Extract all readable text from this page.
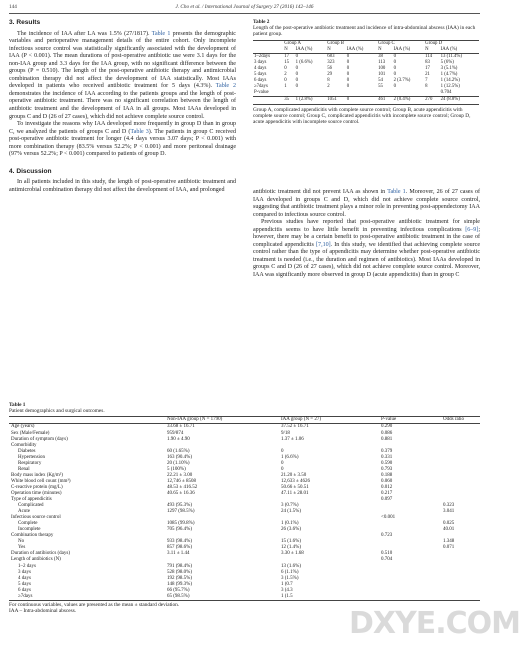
144	J. Cho et al. / International Journal of Surgery 27 (2016) 142–146
3. Results

The incidence of IAA after LA was 1.5% (27/1817). Table 1 presents the demographic variables and perioperative management details of the entire cohort. Only incomplete infectious source control was statistically significantly associated with the development of IAA (P < 0.001). The mean durations of post-operative antibiotic use were 3.1 days for the non-IAA group and 3.3 days for the IAA group, with no significant difference between the groups (P = 0.510). The length of the post-operative antibiotic therapy and antimicrobial combination therapy did not affect the development of IAA statistically. Most IAAs developed in patients who received antibiotic treatment for 5 days (4.3%). Table 2 demonstrates the incidence of IAA according to the patients groups and the length of post-operative antibiotic treatment. There was no significant correlation between the length of antibiotic treatment and the development of IAA in all groups. Most IAAs developed in groups C and D (26 of 27 cases), which did not achieve complete source control.

To investigate the reasons why IAA developed more frequently in group D than in group C, we analyzed the patients of groups C and D (Table 3). The patients in group C received post-operative antibiotic treatment for longer (4.4 days versus 3.07 days; P < 0.001) with more combination therapy (83.5% versus 52.2%; P < 0.001) and more peritoneal drainage (97% versus 52.2%; P < 0.001) compared to patients of group D.

4. Discussion

In all patients included in this study, the length of post-operative antibiotic treatment and antimicrobial combination therapy did not affect the development of IAA, and prolonged

Table 2
Length of the post-operative antibiotic treatment and incidence of intra-abdominal abscess (IAA) in each patient group.
	Group A		Group B		Group C		Group D	
	N	IAA (%)	N	IAA (%)	N	IAA (%)	N	IAA (%)
1–2days	17	0	683	0	38	0	114	13 (11.4%)
3 days	15	1 (6.6%)	323	0	113	0	83	5 (6%)
4 days	0	0	56	0	100	0	17	3 (5.1%)
5 days	2	0	29	0	101	0	21	1 (4.7%)
6 days	0	0	8	0	54	2 (3.7%)	7	1 (14.2%)
≥7days	1	0	2	0	55	0	8	1 (12.5%)
P-value								0.704
	35	1 (2.8%)	1051	0	461	2 (0.4%)	270	24 (8.8%)
Group A, complicated appendicitis with complete source control; Group B, acute appendicitis with complete source control; Group C, complicated appendicitis with incomplete source control; Group D, acute appendicitis with incomplete source control.

antibiotic treatment did not prevent IAA as shown in Table 1. Moreover, 26 of 27 cases of IAA developed in groups C and D, which did not achieve complete source control, suggesting that antibiotic treatment plays a minor role in preventing post-appendectomy IAA compared to infectious source control.

Previous studies have reported that post-operative antibiotic treatment for simple appendicitis seems to have little benefit in preventing infectious complications [6–9]; however, there may be a certain benefit to post-operative antibiotic treatment in the case of complicated appendicitis [7,10]. In this study, we identified that achieving complete source control rather than the type of appendicitis may determine whether post-operative antibiotic treatment is needed (i.e., the duration and regimen of antibiotics). Most IAAs developed in groups C and D (26 of 27 cases), which did not achieve complete source control. Moreover, IAA was significantly more observed in group D (acute appendicitis) than in group C

Table 1
Patient demographics and surgical outcomes.
	Non-IAA group (N = 1790)	IAA group (N = 27)	P-value	Odds ratio
Age (years)	33.68 ± 16.71	37.52 ± 16.71	0.290	
Sex (Male/Female)	959/874	9/18	0.086	
Duration of symptom (days)	1.90 ± 4.90	1.37 ± 1.06	0.881	
Comorbidity				
Diabetes	60 (1.65%)	0	0.379	
Hypertension	163 (90.4%)	1 (6.6%)	0.331	
Respiratory	20 (1.10%)	0	0.590	
Renal	5 (100%)	0	0.793	
Body mass index (Kg/m²)	22.21 ± 3.00	21.20 ± 3.50	0.188	
White blood cell count (mm³)	12,746 ± 8508	12,633 ± 4626	0.060	
C-reactive protein (mg/L)	48.53 ± 416.52	50.66 ± 50.51	0.012	
Operation time (minutes)	40.65 ± 16.36	47.11 ± 28.01	0.217	
Type of appendicitis			0.097	
Complicated	493 (95.3%)	3 (0.7%)		0.323
Acute	1297 (98.5%)	24 (1.5%)		3.041
Infectious source control			<0.001	
Complete	1085 (99.8%)	1 (0.1%)		0.025
Incomplete	705 (96.4%)	26 (3.6%)		40.01
Combination therapy			0.723	
No	933 (98.4%)	15 (1.6%)		1.348
Yes	857 (98.6%)	12 (1.4%)		0.071
Duration of antibiotics (days)	3.11 ± 1.44	3.30 ± 1.68	0.510	
Length of antibiotics (N)			0.704	
1–2 days	791 (98.4%)	13 (1.6%)		
3 days	528 (98.0%)	6 (1.1%)		
4 days	192 (98.5%)	3 (1.5%)		
5 days	148 (99.3%)	1 (0.7		
6 days	66 (95.7%)	3 (4.3		
≥7days	65 (98.5%)	1 (1.5		
For continuous variables, values are presented as the mean ± standard deviation.
IAA – Intra-abdominal abscess.	DXYE.COM
